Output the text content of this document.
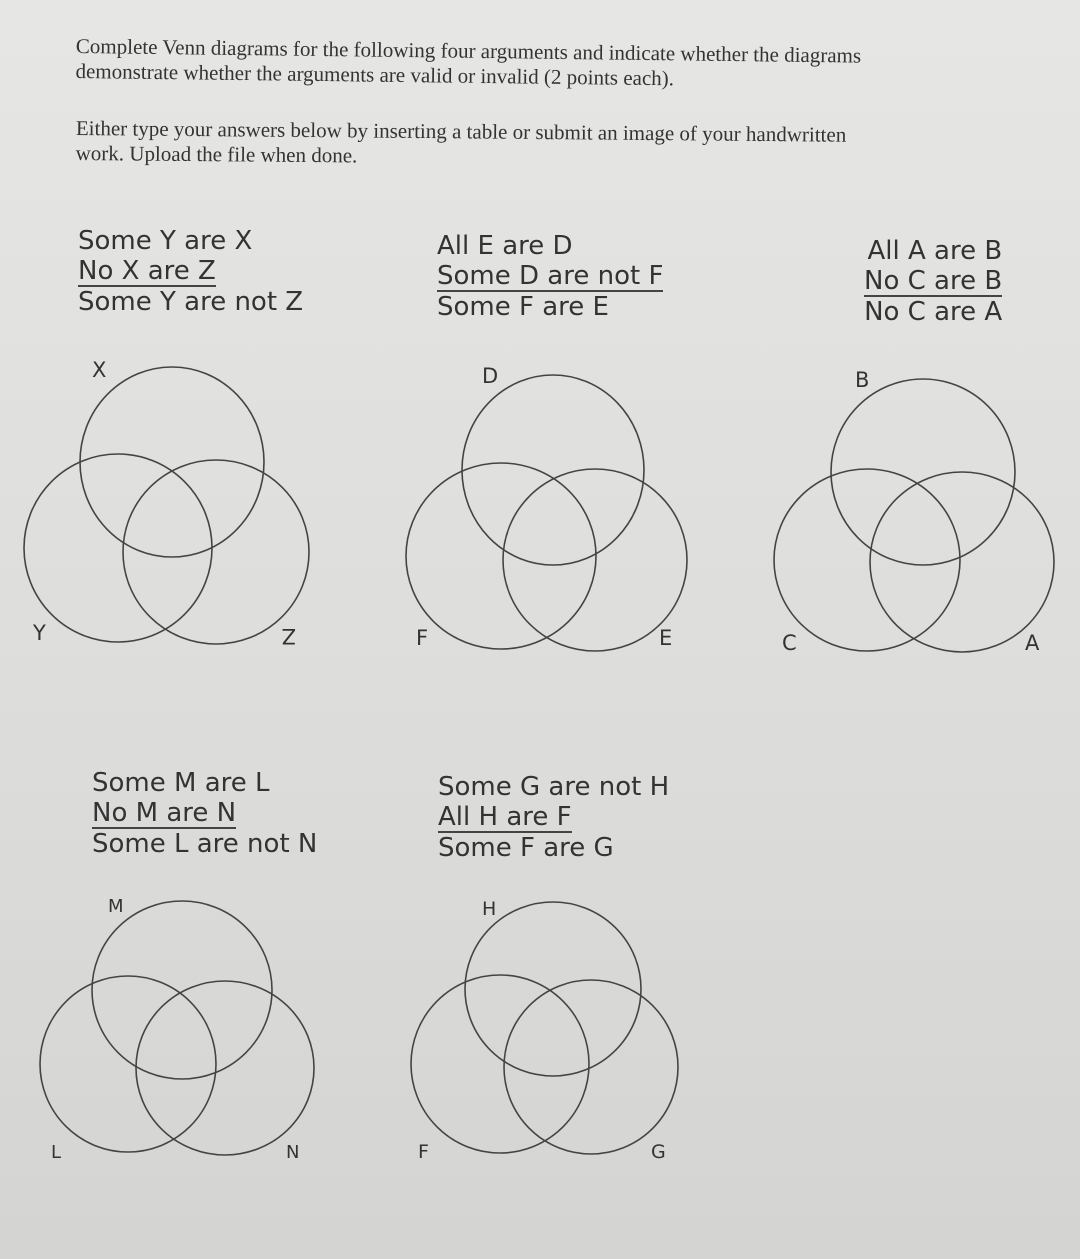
Complete Venn diagrams for the following four arguments and indicate whether the diagrams

demonstrate whether the arguments are valid or invalid (2 points each).

Either type your answers below by inserting a table or submit an image of your handwritten

work. Upload the file when done.

Some Y are X
No X are Z
Some Y are not Z
All E are D
Some D are not F
Some F are E
All A are B
No C are B
No C are A
Some M are L
No M are N
Some L are not N
Some G are not H
All H are F
Some F are G
X
Y	Z
D
F	E
B
C	A
M
L	N
H
F	G
